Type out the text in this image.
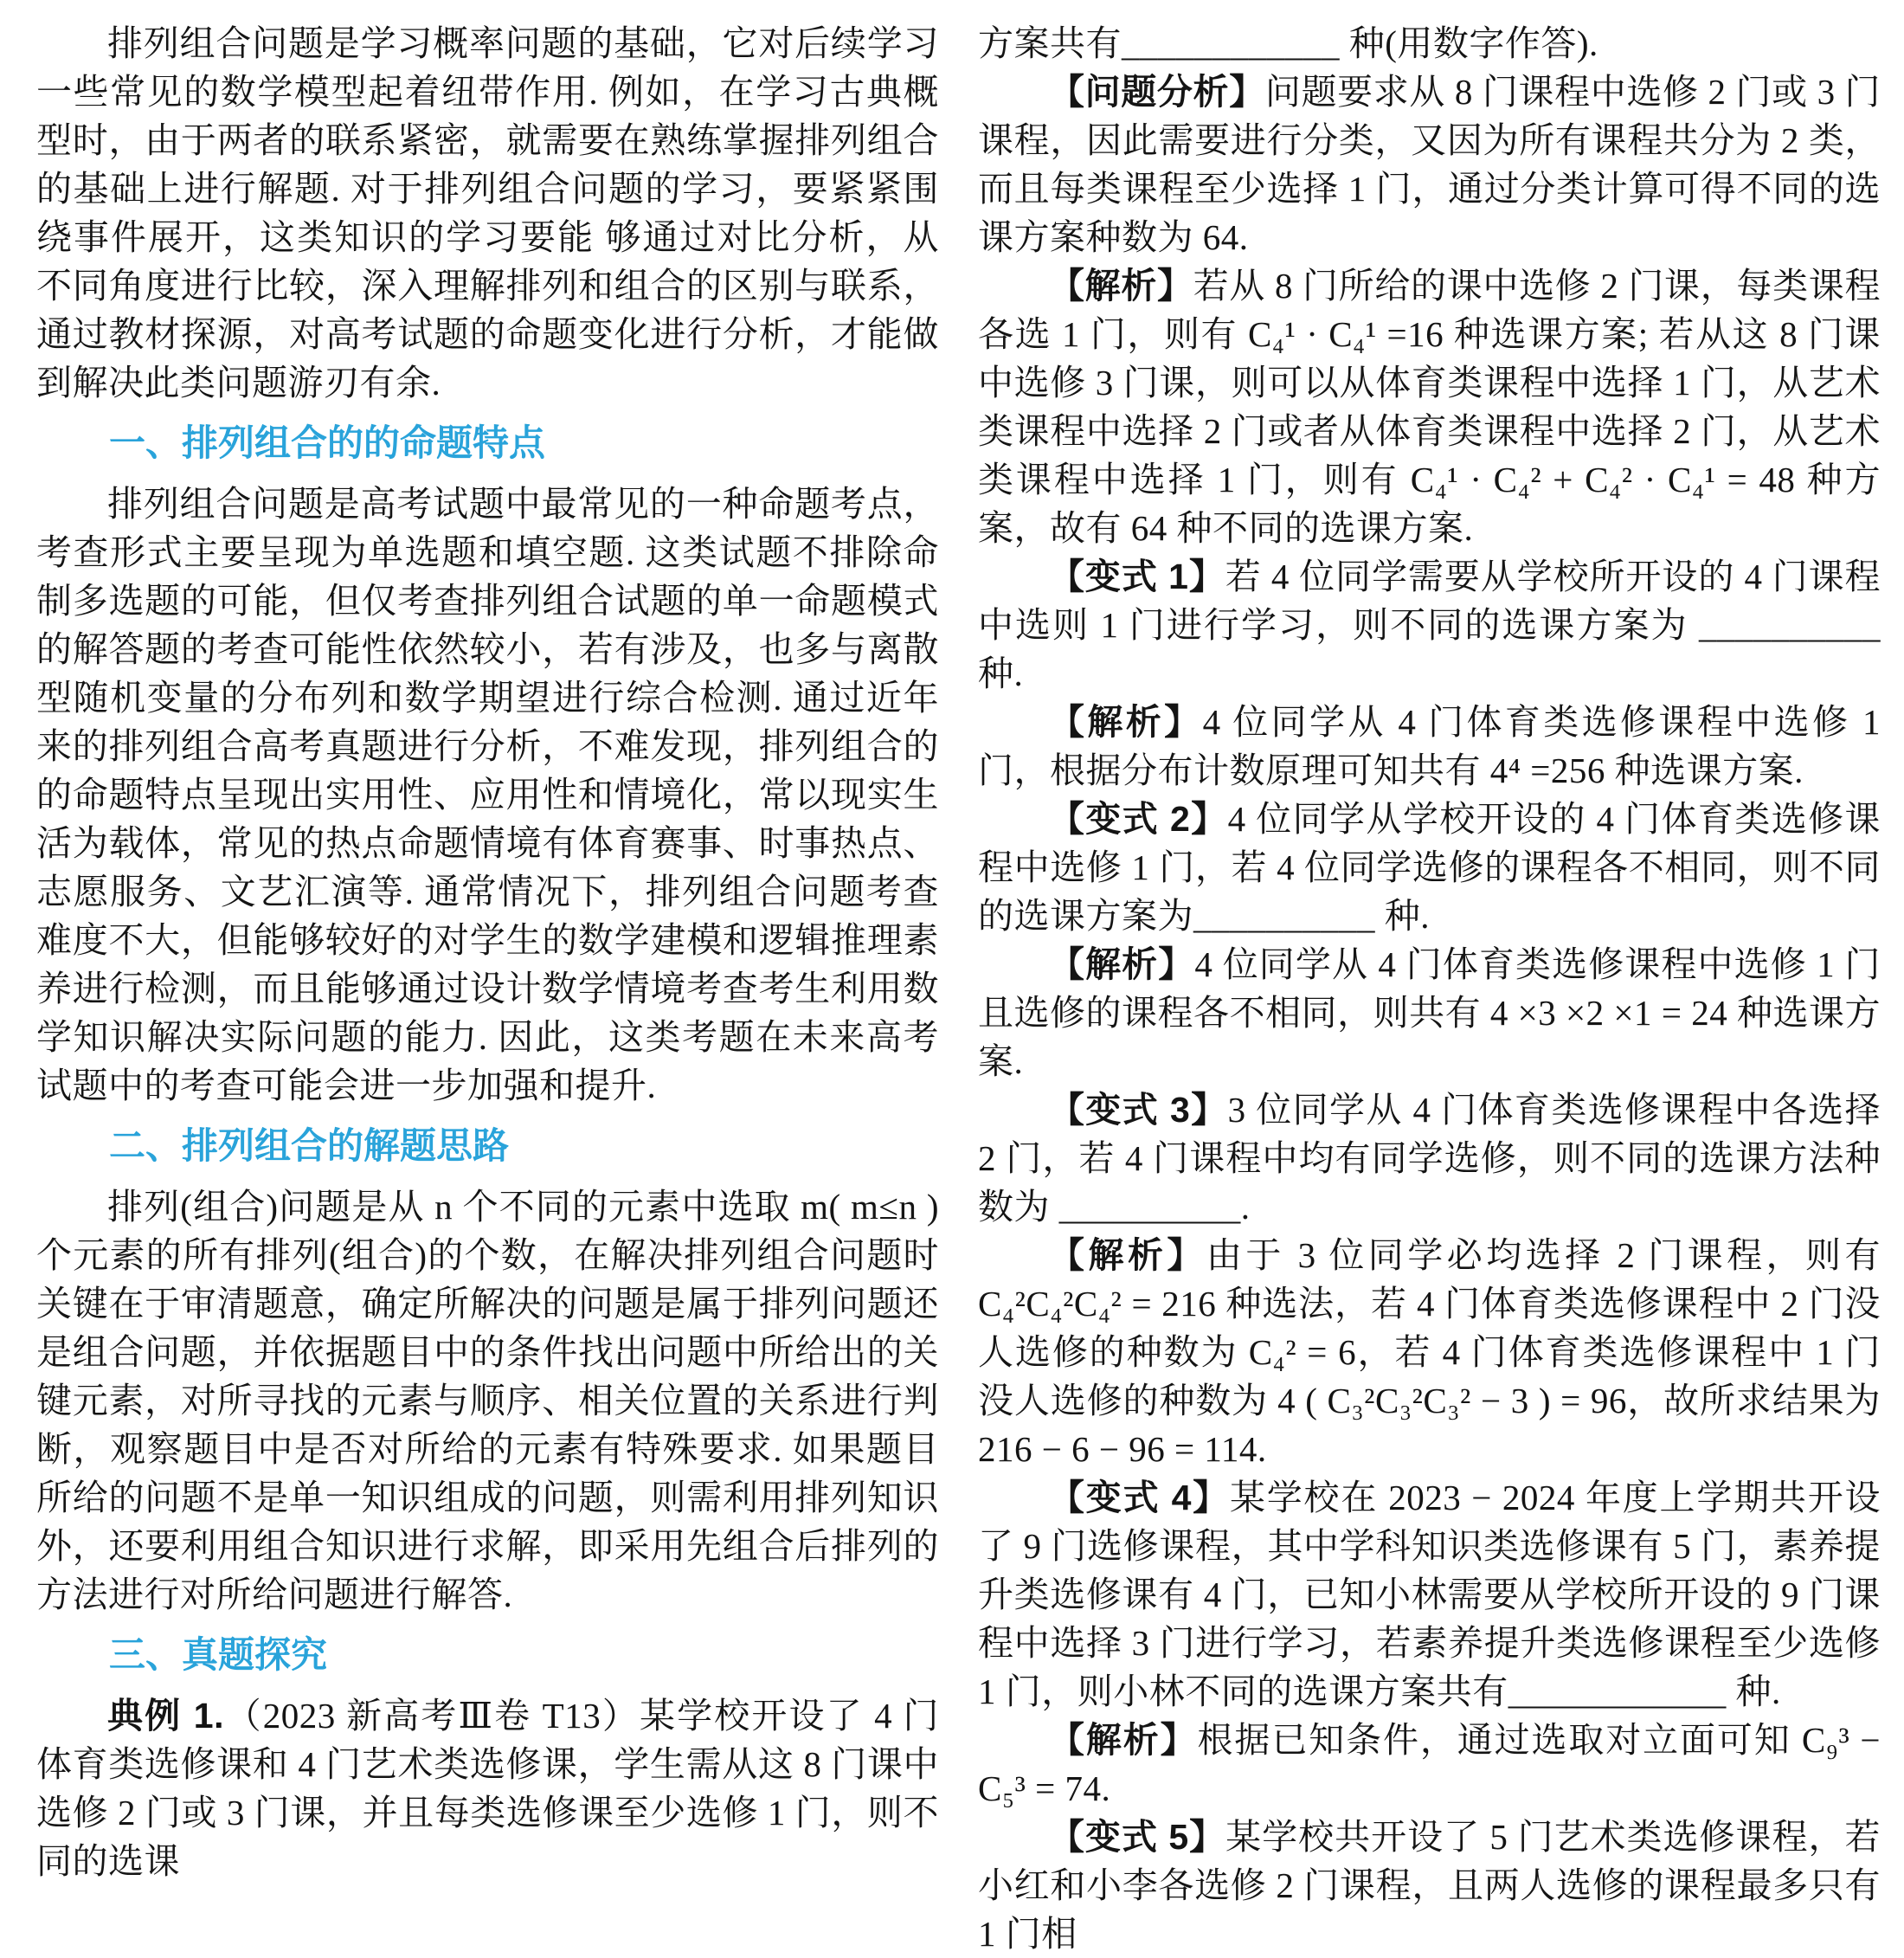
排列组合问题是学习概率问题的基础，它对后续学习一些常见的数学模型起着纽带作用. 例如，在学习古典概型时，由于两者的联系紧密，就需要在熟练掌握排列组合的基础上进行解题. 对于排列组合问题的学习，要紧紧围绕事件展开，这类知识的学习要能 够通过对比分析，从不同角度进行比较，深入理解排列和组合的区别与联系，通过教材探源，对高考试题的命题变化进行分析，才能做到解决此类问题游刃有余.

一、排列组合的的命题特点

排列组合问题是高考试题中最常见的一种命题考点，考查形式主要呈现为单选题和填空题. 这类试题不排除命制多选题的可能，但仅考查排列组合试题的单一命题模式的解答题的考查可能性依然较小，若有涉及，也多与离散型随机变量的分布列和数学期望进行综合检测. 通过近年来的排列组合高考真题进行分析，不难发现，排列组合的的命题特点呈现出实用性、应用性和情境化，常以现实生活为载体，常见的热点命题情境有体育赛事、时事热点、志愿服务、文艺汇演等. 通常情况下，排列组合问题考查难度不大，但能够较好的对学生的数学建模和逻辑推理素养进行检测，而且能够通过设计数学情境考查考生利用数学知识解决实际问题的能力. 因此，这类考题在未来高考试题中的考查可能会进一步加强和提升.

二、排列组合的解题思路

排列(组合)问题是从 n 个不同的元素中选取 m( m≤n )个元素的所有排列(组合)的个数，在解决排列组合问题时关键在于审清题意，确定所解决的问题是属于排列问题还是组合问题，并依据题目中的条件找出问题中所给出的关键元素，对所寻找的元素与顺序、相关位置的关系进行判断，观察题目中是否对所给的元素有特殊要求. 如果题目所给的问题不是单一知识组成的问题，则需利用排列知识外，还要利用组合知识进行求解，即采用先组合后排列的方法进行对所给问题进行解答.

三、真题探究

典例 1.（2023 新高考Ⅲ卷 T13）某学校开设了 4 门体育类选修课和 4 门艺术类选修课，学生需从这 8 门课中选修 2 门或 3 门课，并且每类选修课至少选修 1 门，则不同的选课

方案共有____________ 种(用数字作答).

【问题分析】问题要求从 8 门课程中选修 2 门或 3 门课程，因此需要进行分类，又因为所有课程共分为 2 类，而且每类课程至少选择 1 门，通过分类计算可得不同的选课方案种数为 64.

【解析】若从 8 门所给的课中选修 2 门课，每类课程各选 1 门，则有 C₄¹ · C₄¹ =16 种选课方案; 若从这 8 门课中选修 3 门课，则可以从体育类课程中选择 1 门，从艺术类课程中选择 2 门或者从体育类课程中选择 2 门，从艺术类课程中选择 1 门，则有 C₄¹ · C₄² + C₄² · C₄¹ = 48 种方案，故有 64 种不同的选课方案.

【变式 1】若 4 位同学需要从学校所开设的 4 门课程中选则 1 门进行学习，则不同的选课方案为 __________ 种.

【解析】4 位同学从 4 门体育类选修课程中选修 1 门，根据分布计数原理可知共有 4⁴ =256 种选课方案.

【变式 2】4 位同学从学校开设的 4 门体育类选修课程中选修 1 门，若 4 位同学选修的课程各不相同，则不同的选课方案为__________ 种.

【解析】4 位同学从 4 门体育类选修课程中选修 1 门且选修的课程各不相同，则共有 4 ×3 ×2 ×1 = 24 种选课方案.

【变式 3】3 位同学从 4 门体育类选修课程中各选择 2 门，若 4 门课程中均有同学选修，则不同的选课方法种数为 __________.

【解析】由于 3 位同学必均选择 2 门课程，则有 C₄²C₄²C₄² = 216 种选法，若 4 门体育类选修课程中 2 门没人选修的种数为 C₄² = 6，若 4 门体育类选修课程中 1 门没人选修的种数为 4 ( C₃²C₃²C₃² − 3 ) = 96，故所求结果为 216 − 6 − 96 = 114.

【变式 4】某学校在 2023 − 2024 年度上学期共开设了 9 门选修课程，其中学科知识类选修课有 5 门，素养提升类选修课有 4 门，已知小林需要从学校所开设的 9 门课程中选择 3 门进行学习，若素养提升类选修课程至少选修 1 门，则小林不同的选课方案共有____________ 种.

【解析】根据已知条件，通过选取对立面可知 C₉³ − C₅³ = 74.

【变式 5】某学校共开设了 5 门艺术类选修课程，若小红和小李各选修 2 门课程，且两人选修的课程最多只有 1 门相
